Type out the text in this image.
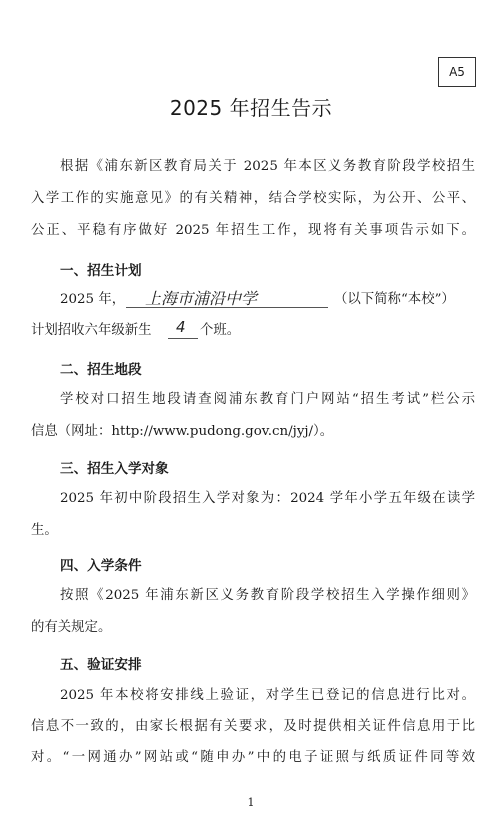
A5
2025 年招生告示
根据《浦东新区教育局关于 2025 年本区义务教育阶段学校招生
入学工作的实施意见》的有关精神，结合学校实际，为公开、公平、
公正、平稳有序做好 2025 年招生工作，现将有关事项告示如下。
一、招生计划
2025 年， 上海市浦沿中学	（以下简称“本校”）
计划招收六年级新生 4 个班。
二、招生地段
学校对口招生地段请查阅浦东教育门户网站“招生考试”栏公示
信息（网址：http://www.pudong.gov.cn/jyj/）。
三、招生入学对象
2025 年初中阶段招生入学对象为：2024 学年小学五年级在读学
生。
四、入学条件
按照《2025 年浦东新区义务教育阶段学校招生入学操作细则》
的有关规定。
五、验证安排
2025 年本校将安排线上验证，对学生已登记的信息进行比对。
信息不一致的，由家长根据有关要求，及时提供相关证件信息用于比
对。“一网通办”网站或“随申办”中的电子证照与纸质证件同等效
1
